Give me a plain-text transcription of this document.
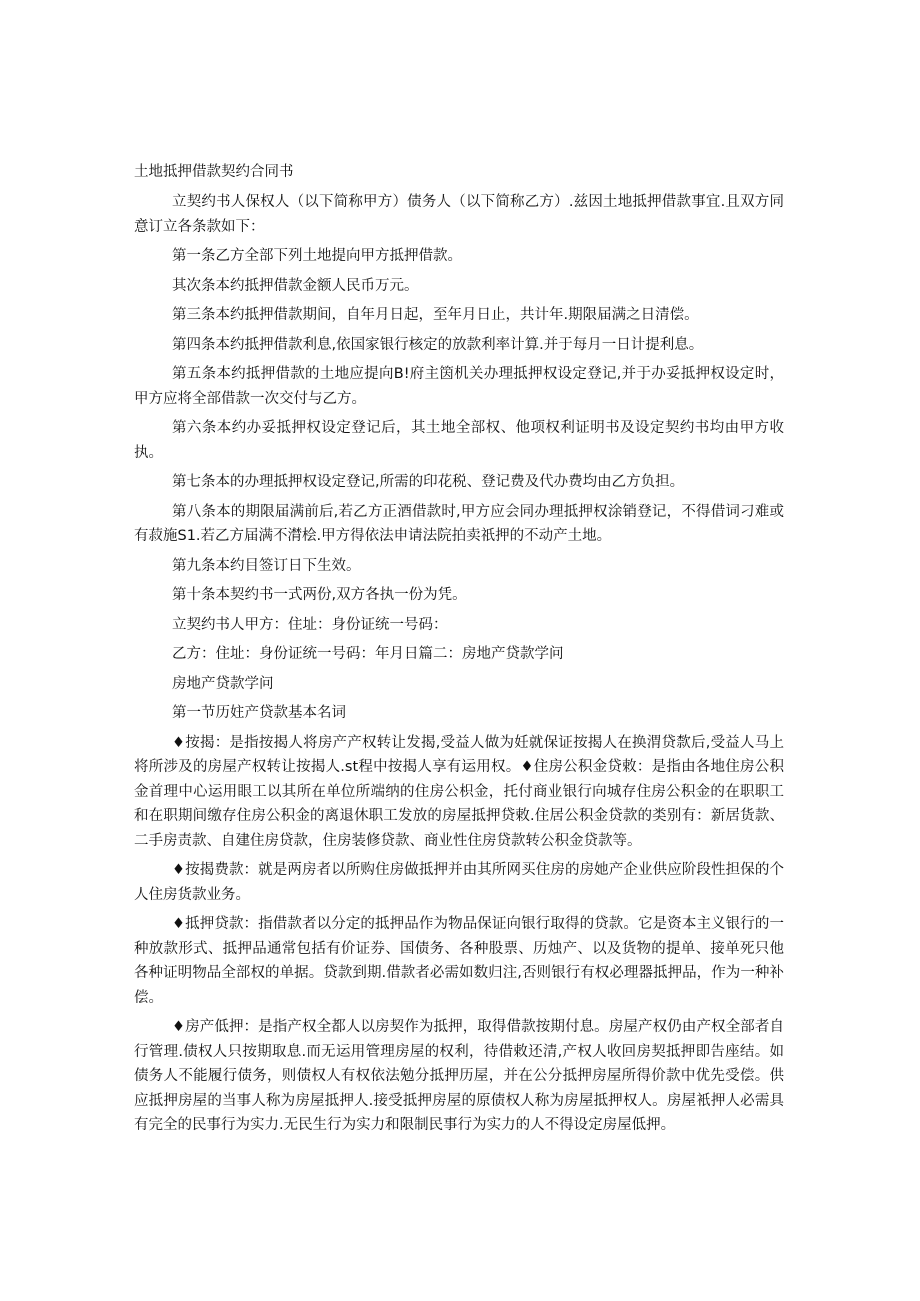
土地抵押借款契约合同书

立契约书人保权人（以下简称甲方）债务人（以下简称乙方）.兹因土地抵押借款事宜.且双方同意订立各条款如下：

第一条乙方全部下列土地提向甲方抵押借款。

其次条本约抵押借款金额人民币万元。

第三条本约抵押借款期间，自年月日起，至年月日止，共计年.期限届满之日清偿。

第四条本约抵押借款利息,依国家银行核定的放款利率计算.并于每月一日计提利息。

第五条本约抵押借款的土地应提向B!府主筃机关办理抵押权设定登记,并于办妥抵押权设定时，甲方应将全部借款一次交付与乙方。

第六条本约办妥抵押权设定登记后，其土地全部权、他项权利证明书及设定契约书均由甲方收执。

第七条本的办理抵押权设定登记,所需的印花税、登记费及代办费均由乙方负担。

第八条本的期限届满前后,若乙方正酒借款时,甲方应会同办理抵押权涂销登记，不得借词刁难或有菽施S1.若乙方届满不潸桧.甲方得依法申请法院拍卖祇押的不动产土地。

第九条本约目签订日下生效。

第十条本契约书一式两份,双方各执一份为凭。

立契约书人甲方：住址：身份证统一号码：

乙方：住址：身份证统一号码：年月日篇二：房地产贷款学问

房地产贷款学问

第一节历妵产贷款基本名词

♦按揭：是指按揭人将房产产权转让发揭,受益人做为妊就保证按揭人在换渭贷歀后,受益人马上将所涉及的房屋产权转让按揭人.st程中按揭人享有运用权。♦住房公积金贷敕：是指由各地住房公积金首理中心运用眼工以其所在单位所端纳的住房公枳金，托付商业银行向城存住房公积金的在职职工和在职期间缴存住房公积金的离退休职工发放的房屋抵押贷敕.住居公积金贷款的类别有：新居货款、二手房责款、自建住房贷款，住房装修贷款、商业性住房贷款转公积金贷款等。

♦按揭费款：就是两房者以所购住房做抵押并由其所网买住房的房她产企业供应阶段性担保的个人住房货款业务。

♦抵押贷款：指借款者以分定的抵押品作为物品保证向银行取得的贷款。它是资本主义银行的一种放款形式、抵押品通常包括有价证券、国债务、各种股票、历烛产、以及货物的提单、接单死只他各种证明物品全部权的单据。贷款到期.借款者必需如数归注,否则银行有权必理器抵押品，作为一种补偿。

♦房产低押：是指产权全都人以房契作为抵押，取得借款按期付息。房屋产权仍由产权全部者自行管理.债权人只按期取息.而无运用管理房屋的权利，待借敕还清,产权人收回房契抵押即告座结。如债务人不能履行债务，则债权人有权依法勉分抵押历屋，并在公分抵押房屋所得价款中优先受偿。供应抵押房屋的当事人称为房屋抵押人.接受抵押房屋的原债权人称为房屋抵押权人。房屋衹押人必需具有完全的民事行为实力.无民生行为实力和限制民事行为实力的人不得设定房屋低押。
